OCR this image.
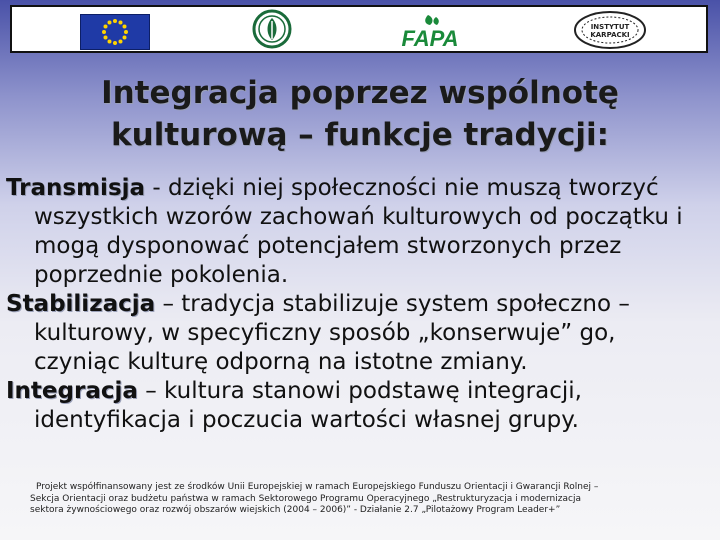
FAPA	INSTYTUT
KARPACKI
Integracja poprzez wspólnotę
kulturową – funkcje tradycji:
Transmisja - dzięki niej społeczności nie muszą tworzyć wszystkich wzorów zachowań kulturowych od początku i mogą dysponować potencjałem stworzonych przez poprzednie pokolenia.
Stabilizacja – tradycja stabilizuje system społeczno – kulturowy, w specyficzny sposób „konserwuje” go, czyniąc kulturę odporną na istotne zmiany.
Integracja – kultura stanowi podstawę integracji, identyfikacja i poczucia wartości własnej grupy.

Projekt współfinansowany jest ze środków Unii Europejskiej w ramach Europejskiego Funduszu Orientacji i Gwarancji Rolnej –

Sekcja Orientacji oraz budżetu państwa w ramach Sektorowego Programu Operacyjnego „Restrukturyzacja i modernizacja

sektora żywnościowego oraz rozwój obszarów wiejskich (2004 – 2006)” - Działanie 2.7 „Pilotażowy Program Leader+”
